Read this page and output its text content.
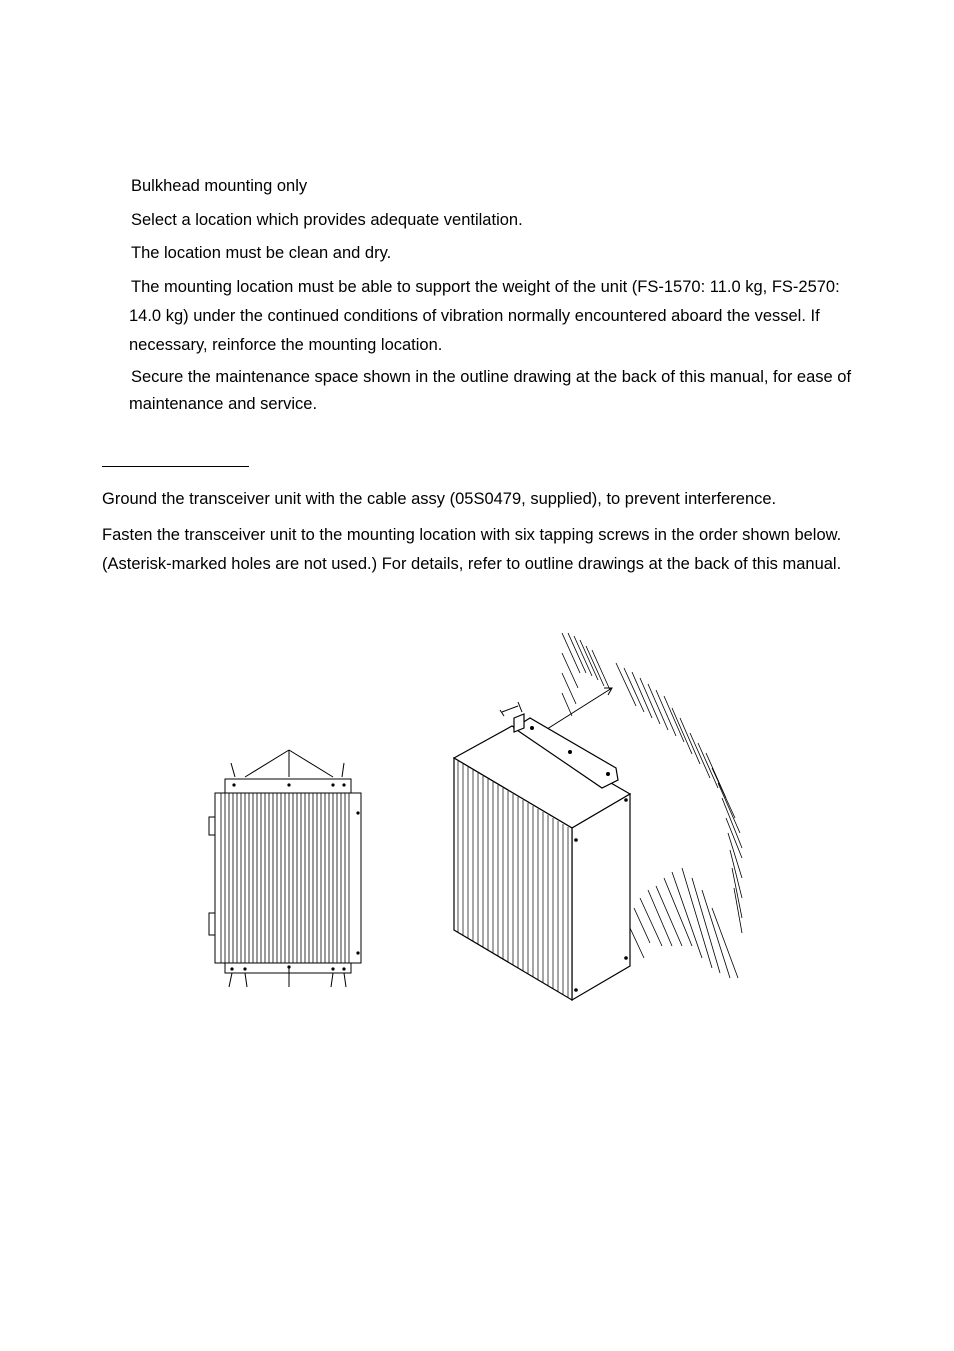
Bulkhead mounting only

Select a location which provides adequate ventilation.

The location must be clean and dry.

The mounting location must be able to support the weight of the unit (FS-1570: 11.0 kg, FS-2570: 14.0 kg) under the continued conditions of vibration normally encountered aboard the vessel. If necessary, reinforce the mounting location.

Secure the maintenance space shown in the outline drawing at the back of this manual, for ease of maintenance and service.

Ground the transceiver unit with the cable assy (05S0479, supplied), to prevent interference.

Fasten the transceiver unit to the mounting location with six tapping screws in the order shown below. (Asterisk-marked holes are not used.) For details, refer to outline drawings at the back of this manual.
